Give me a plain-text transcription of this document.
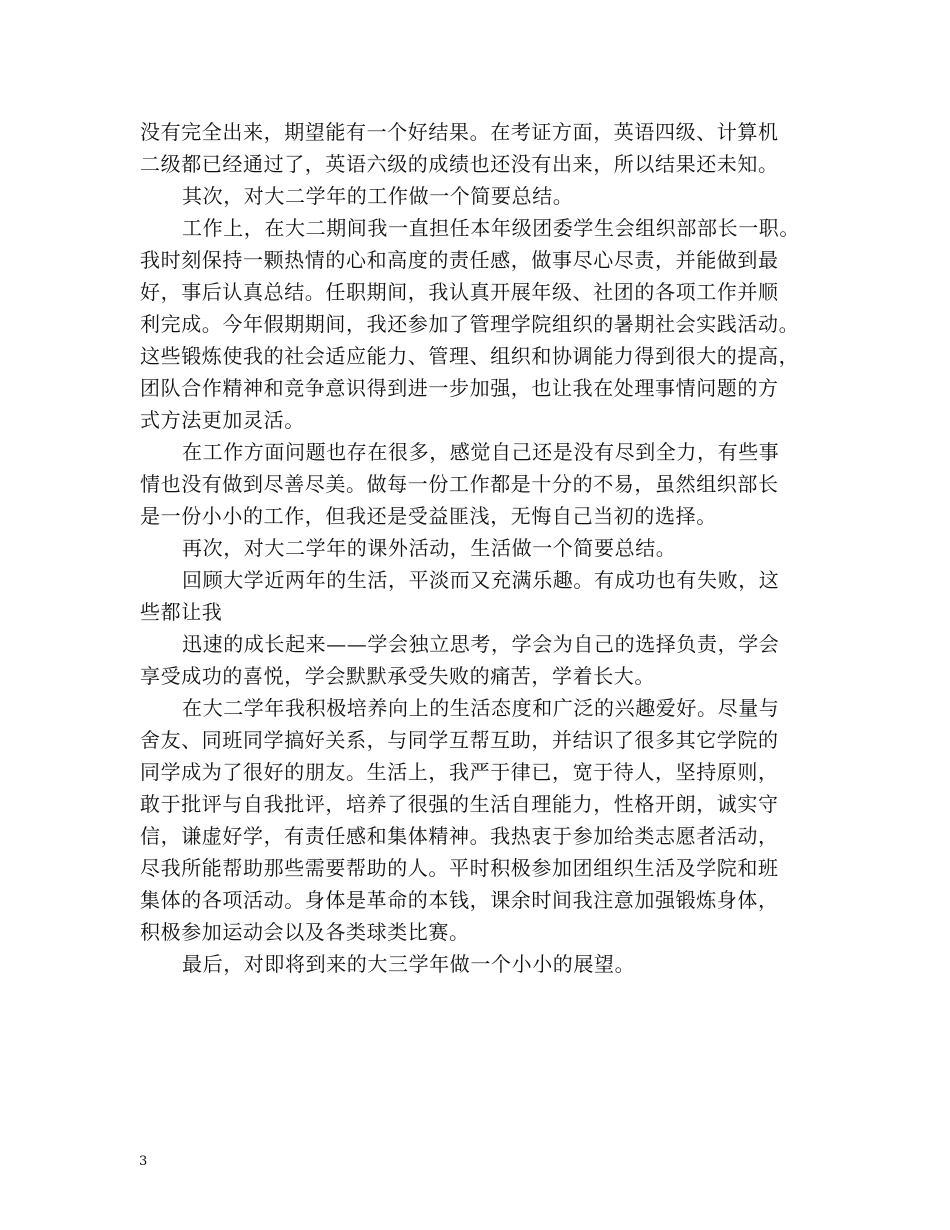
没有完全出来，期望能有一个好结果。在考证方面，英语四级、计算机
二级都已经通过了，英语六级的成绩也还没有出来，所以结果还未知。
其次，对大二学年的工作做一个简要总结。
工作上，在大二期间我一直担任本年级团委学生会组织部部长一职。
我时刻保持一颗热情的心和高度的责任感，做事尽心尽责，并能做到最
好，事后认真总结。任职期间，我认真开展年级、社团的各项工作并顺
利完成。今年假期期间，我还参加了管理学院组织的暑期社会实践活动。
这些锻炼使我的社会适应能力、管理、组织和协调能力得到很大的提高，
团队合作精神和竞争意识得到进一步加强，也让我在处理事情问题的方
式方法更加灵活。
在工作方面问题也存在很多，感觉自己还是没有尽到全力，有些事
情也没有做到尽善尽美。做每一份工作都是十分的不易，虽然组织部长
是一份小小的工作，但我还是受益匪浅，无悔自己当初的选择。
再次，对大二学年的课外活动，生活做一个简要总结。
回顾大学近两年的生活，平淡而又充满乐趣。有成功也有失败，这
些都让我
迅速的成长起来——学会独立思考，学会为自己的选择负责，学会
享受成功的喜悦，学会默默承受失败的痛苦，学着长大。
在大二学年我积极培养向上的生活态度和广泛的兴趣爱好。尽量与
舍友、同班同学搞好关系，与同学互帮互助，并结识了很多其它学院的
同学成为了很好的朋友。生活上，我严于律已，宽于待人，坚持原则，
敢于批评与自我批评，培养了很强的生活自理能力，性格开朗，诚实守
信，谦虚好学，有责任感和集体精神。我热衷于参加给类志愿者活动，
尽我所能帮助那些需要帮助的人。平时积极参加团组织生活及学院和班
集体的各项活动。身体是革命的本钱，课余时间我注意加强锻炼身体，
积极参加运动会以及各类球类比赛。
最后，对即将到来的大三学年做一个小小的展望。
3
